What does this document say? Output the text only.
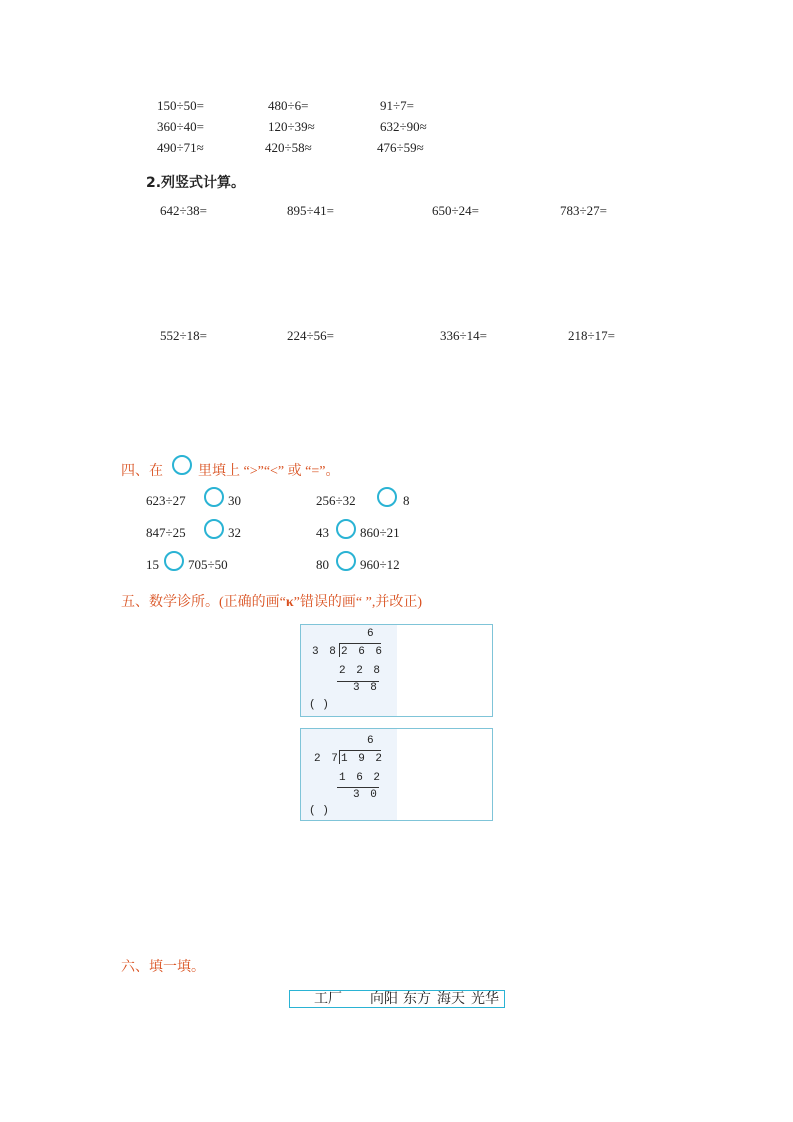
150÷50=	480÷6=	91÷7=
360÷40=	120÷39≈	632÷90≈
490÷71≈	420÷58≈	476÷59≈
2.列竖式计算。
642÷38=	895÷41=	650÷24=	783÷27=
552÷18=	224÷56=	336÷14=	218÷17=
四、在	里填上 “>”“<” 或 “=”。
623÷27	30	256÷32	8
847÷25	32	43 860÷21
15 705÷50	80 960÷12
五、数学诊所。(正确的画“κ”错误的画“ ”,并改正)
6
3 8 2 6 6
2 2 8
3 8
( )
6
2 7 1 9 2
1 6 2
3 0
( )
六、填一填。
工厂 向阳 东方 海天 光华
